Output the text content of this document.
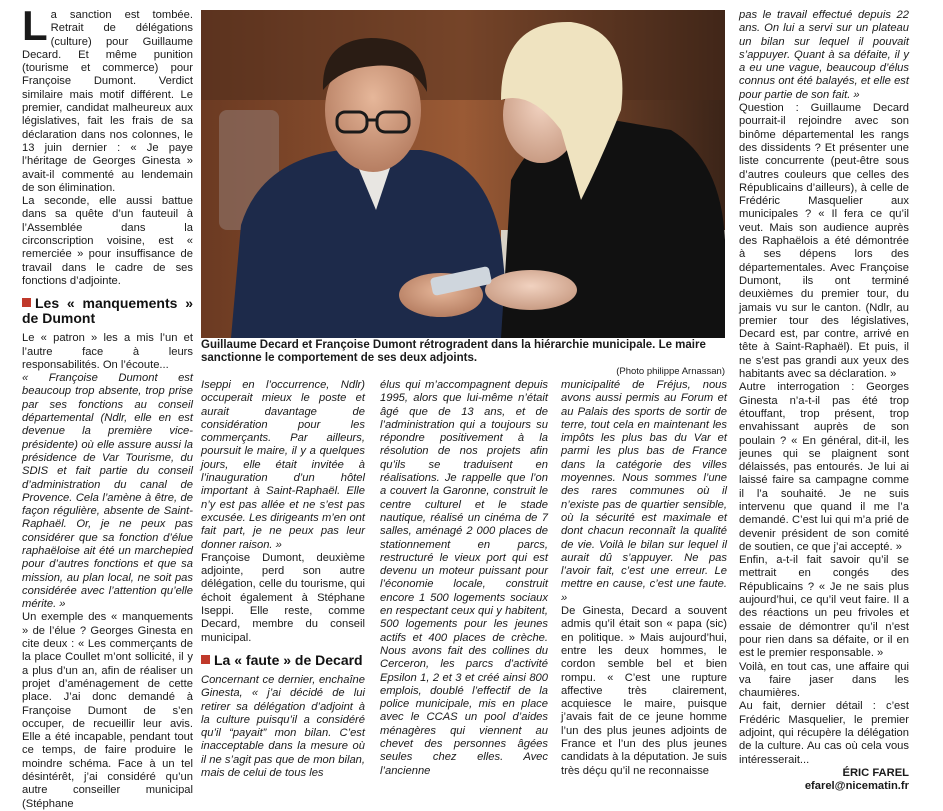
L a sanction est tombée. Retrait de délégations (culture) pour Guillaume Decard. Et même punition (tourisme et commerce) pour Françoise Dumont. Verdict similaire mais motif différent. Le premier, candidat malheureux aux législatives, fait les frais de sa déclaration dans nos colonnes, le 13 juin dernier : « Je paye l’héritage de Georges Ginesta » avait-il commenté au lendemain de son élimination.

La seconde, elle aussi battue dans sa quête d’un fauteuil à l’Assemblée dans la circonscription voisine, est « remerciée » pour insuffisance de travail dans le cadre de ses fonctions d’adjointe.

Les « manquements » de Dumont

Le « patron » les a mis l’un et l’autre face à leurs responsabilités. On l’écoute...

« Françoise Dumont est beaucoup trop absente, trop prise par ses fonctions au conseil départemental (Ndlr, elle en est devenue la première vice-présidente) où elle assure aussi la présidence de Var Tourisme, du SDIS et fait partie du conseil d’administration du canal de Provence. Cela l’amène à être, de façon régulière, absente de Saint-Raphaël. Or, je ne peux pas considérer que sa fonction d’élue raphaëloise ait été un marchepied pour d’autres fonctions et que sa mission, au plan local, ne soit pas considérée avec l’attention qu’elle mérite. »

Un exemple des « manquements » de l’élue ? Georges Ginesta en cite deux : « Les commerçants de la place Coullet m’ont sollicité, il y a plus d’un an, afin de réaliser un projet d’aménagement de cette place. J’ai donc demandé à Françoise Dumont de s’en occuper, de recueillir leur avis. Elle a été incapable, pendant tout ce temps, de faire produire le moindre schéma. Face à un tel désintérêt, j’ai considéré qu’un autre conseiller municipal (Stéphane

Guillaume Decard et Françoise Dumont rétrogradent dans la hiérarchie municipale. Le maire sanctionne le comportement de ses deux adjoints.
(Photo philippe Arnassan)

Iseppi en l’occurrence, Ndlr) occuperait mieux le poste et aurait davantage de considération pour les commerçants. Par ailleurs, poursuit le maire, il y a quelques jours, elle était invitée à l’inauguration d’un hôtel important à Saint-Raphaël. Elle n’y est pas allée et ne s’est pas excusée. Les dirigeants m’en ont fait part, je ne peux pas leur donner raison. »

Françoise Dumont, deuxième adjointe, perd son autre délégation, celle du tourisme, qui échoit également à Stéphane Iseppi. Elle reste, comme Decard, membre du conseil municipal.

La « faute » de Decard

Concernant ce dernier, enchaîne Ginesta, « j’ai décidé de lui retirer sa délégation d’adjoint à la culture puisqu’il a considéré qu’il “payait” mon bilan. C’est inacceptable dans la mesure où il ne s’agit pas que de mon bilan, mais de celui de tous les

élus qui m’accompagnent depuis 1995, alors que lui-même n’était âgé que de 13 ans, et de l’administration qui a toujours su répondre positivement à la résolution de nos projets afin qu’ils se traduisent en réalisations. Je rappelle que l’on a couvert la Garonne, construit le centre culturel et le stade nautique, réalisé un cinéma de 7 salles, aménagé 2 000 places de stationnement en parcs, restructuré le vieux port qui est devenu un moteur puissant pour l’économie locale, construit encore 1 500 logements sociaux en respectant ceux qui y habitent, 500 logements pour les jeunes actifs et 400 places de crèche. Nous avons fait des collines du Cerceron, les parcs d’activité Epsilon 1, 2 et 3 et créé ainsi 800 emplois, doublé l’effectif de la police municipale, mis en place avec le CCAS un pool d’aides ménagères qui viennent au chevet des personnes âgées seules chez elles. Avec l’ancienne

municipalité de Fréjus, nous avons aussi permis au Forum et au Palais des sports de sortir de terre, tout cela en maintenant les impôts les plus bas du Var et parmi les plus bas de France dans la catégorie des villes moyennes. Nous sommes l’une des rares communes où il n’existe pas de quartier sensible, où la sécurité est maximale et dont chacun reconnaît la qualité de vie. Voilà le bilan sur lequel il aurait dû s’appuyer. Ne pas l’avoir fait, c’est une erreur. Le mettre en cause, c’est une faute. »

De Ginesta, Decard a souvent admis qu’il était son « papa (sic) en politique. » Mais aujourd’hui, entre les deux hommes, le cordon semble bel et bien rompu. « C’est une rupture affective très clairement, acquiesce le maire, puisque j’avais fait de ce jeune homme l’un des plus jeunes adjoints de France et l’un des plus jeunes candidats à la députation. Je suis très déçu qu’il ne reconnaisse

pas le travail effectué depuis 22 ans. On lui a servi sur un plateau un bilan sur lequel il pouvait s’appuyer. Quant à sa défaite, il y a eu une vague, beaucoup d’élus connus ont été balayés, et elle est pour partie de son fait. »

Question : Guillaume Decard pourrait-il rejoindre avec son binôme départemental les rangs des dissidents ? Et présenter une liste concurrente (peut-être sous d’autres couleurs que celles des Républicains d’ailleurs), à celle de Frédéric Masquelier aux municipales ? « Il fera ce qu’il veut. Mais son audience auprès des Raphaëlois a été démontrée à ses dépens lors des départementales. Avec Françoise Dumont, ils ont terminé deuxièmes du premier tour, du jamais vu sur le canton. (Ndlr, au premier tour des législatives, Decard est, par contre, arrivé en tête à Saint-Raphaël). Et puis, il ne s’est pas grandi aux yeux des habitants avec sa déclaration. »

Autre interrogation : Georges Ginesta n’a-t-il pas été trop étouffant, trop présent, trop envahissant auprès de son poulain ? « En général, dit-il, les jeunes qui se plaignent sont délaissés, pas entourés. Je lui ai laissé faire sa campagne comme il l’a souhaité. Je ne suis intervenu que quand il me l’a demandé. C’est lui qui m’a prié de devenir président de son comité de soutien, ce que j’ai accepté. »

Enfin, a-t-il fait savoir qu’il se mettrait en congés des Républicains ? « Je ne sais plus aujourd’hui, ce qu’il veut faire. Il a des réactions un peu frivoles et essaie de démontrer qu’il n’est pour rien dans sa défaite, or il en est le premier responsable. »

Voilà, en tout cas, une affaire qui va faire jaser dans les chaumières.

Au fait, dernier détail : c’est Frédéric Masquelier, le premier adjoint, qui récupère la délégation de la culture. Au cas où cela vous intéresserait...

ÉRIC FAREL

efarel@nicematin.fr
